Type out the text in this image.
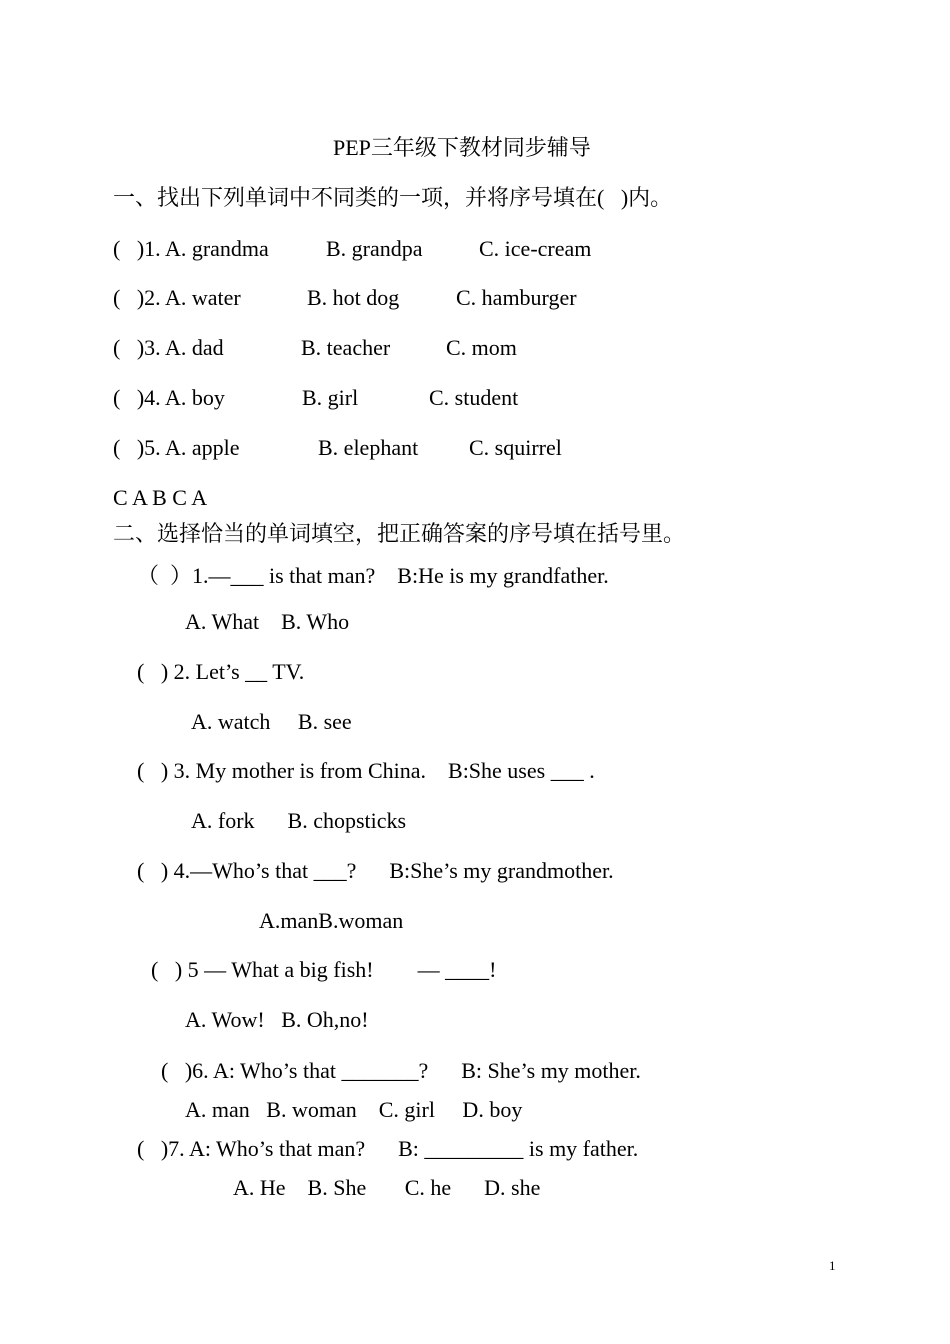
PEP三年级下教材同步辅导
一、找出下列单词中不同类的一项，并将序号填在(   )内。
(   )1. A. grandma	B. grandpa	C. ice-cream
(   )2. A. water	B. hot dog	C. hamburger
(   )3. A. dad	B. teacher	C. mom
(   )4. A. boy	B. girl	C. student
(   )5. A. apple	B. elephant C. squirrel
C A B C A
二、选择恰当的单词填空，把正确答案的序号填在括号里。
（  ）1.—___ is that man?    B:He is my grandfather.
A. What    B. Who
(   ) 2. Let’s __ TV.
A. watch     B. see
(   ) 3. My mother is from China.    B:She uses ___ .
A. fork      B. chopsticks
(   ) 4.—Who’s that ___?      B:She’s my grandmother.
A.manB.woman
(   ) 5 — What a big fish!        — ____!
A. Wow!   B. Oh,no!
(   )6. A: Who’s that _______?      B: She’s my mother.
A. man   B. woman    C. girl     D. boy
(   )7. A: Who’s that man?      B: _________ is my father.
A. He    B. She       C. he      D. she
1
